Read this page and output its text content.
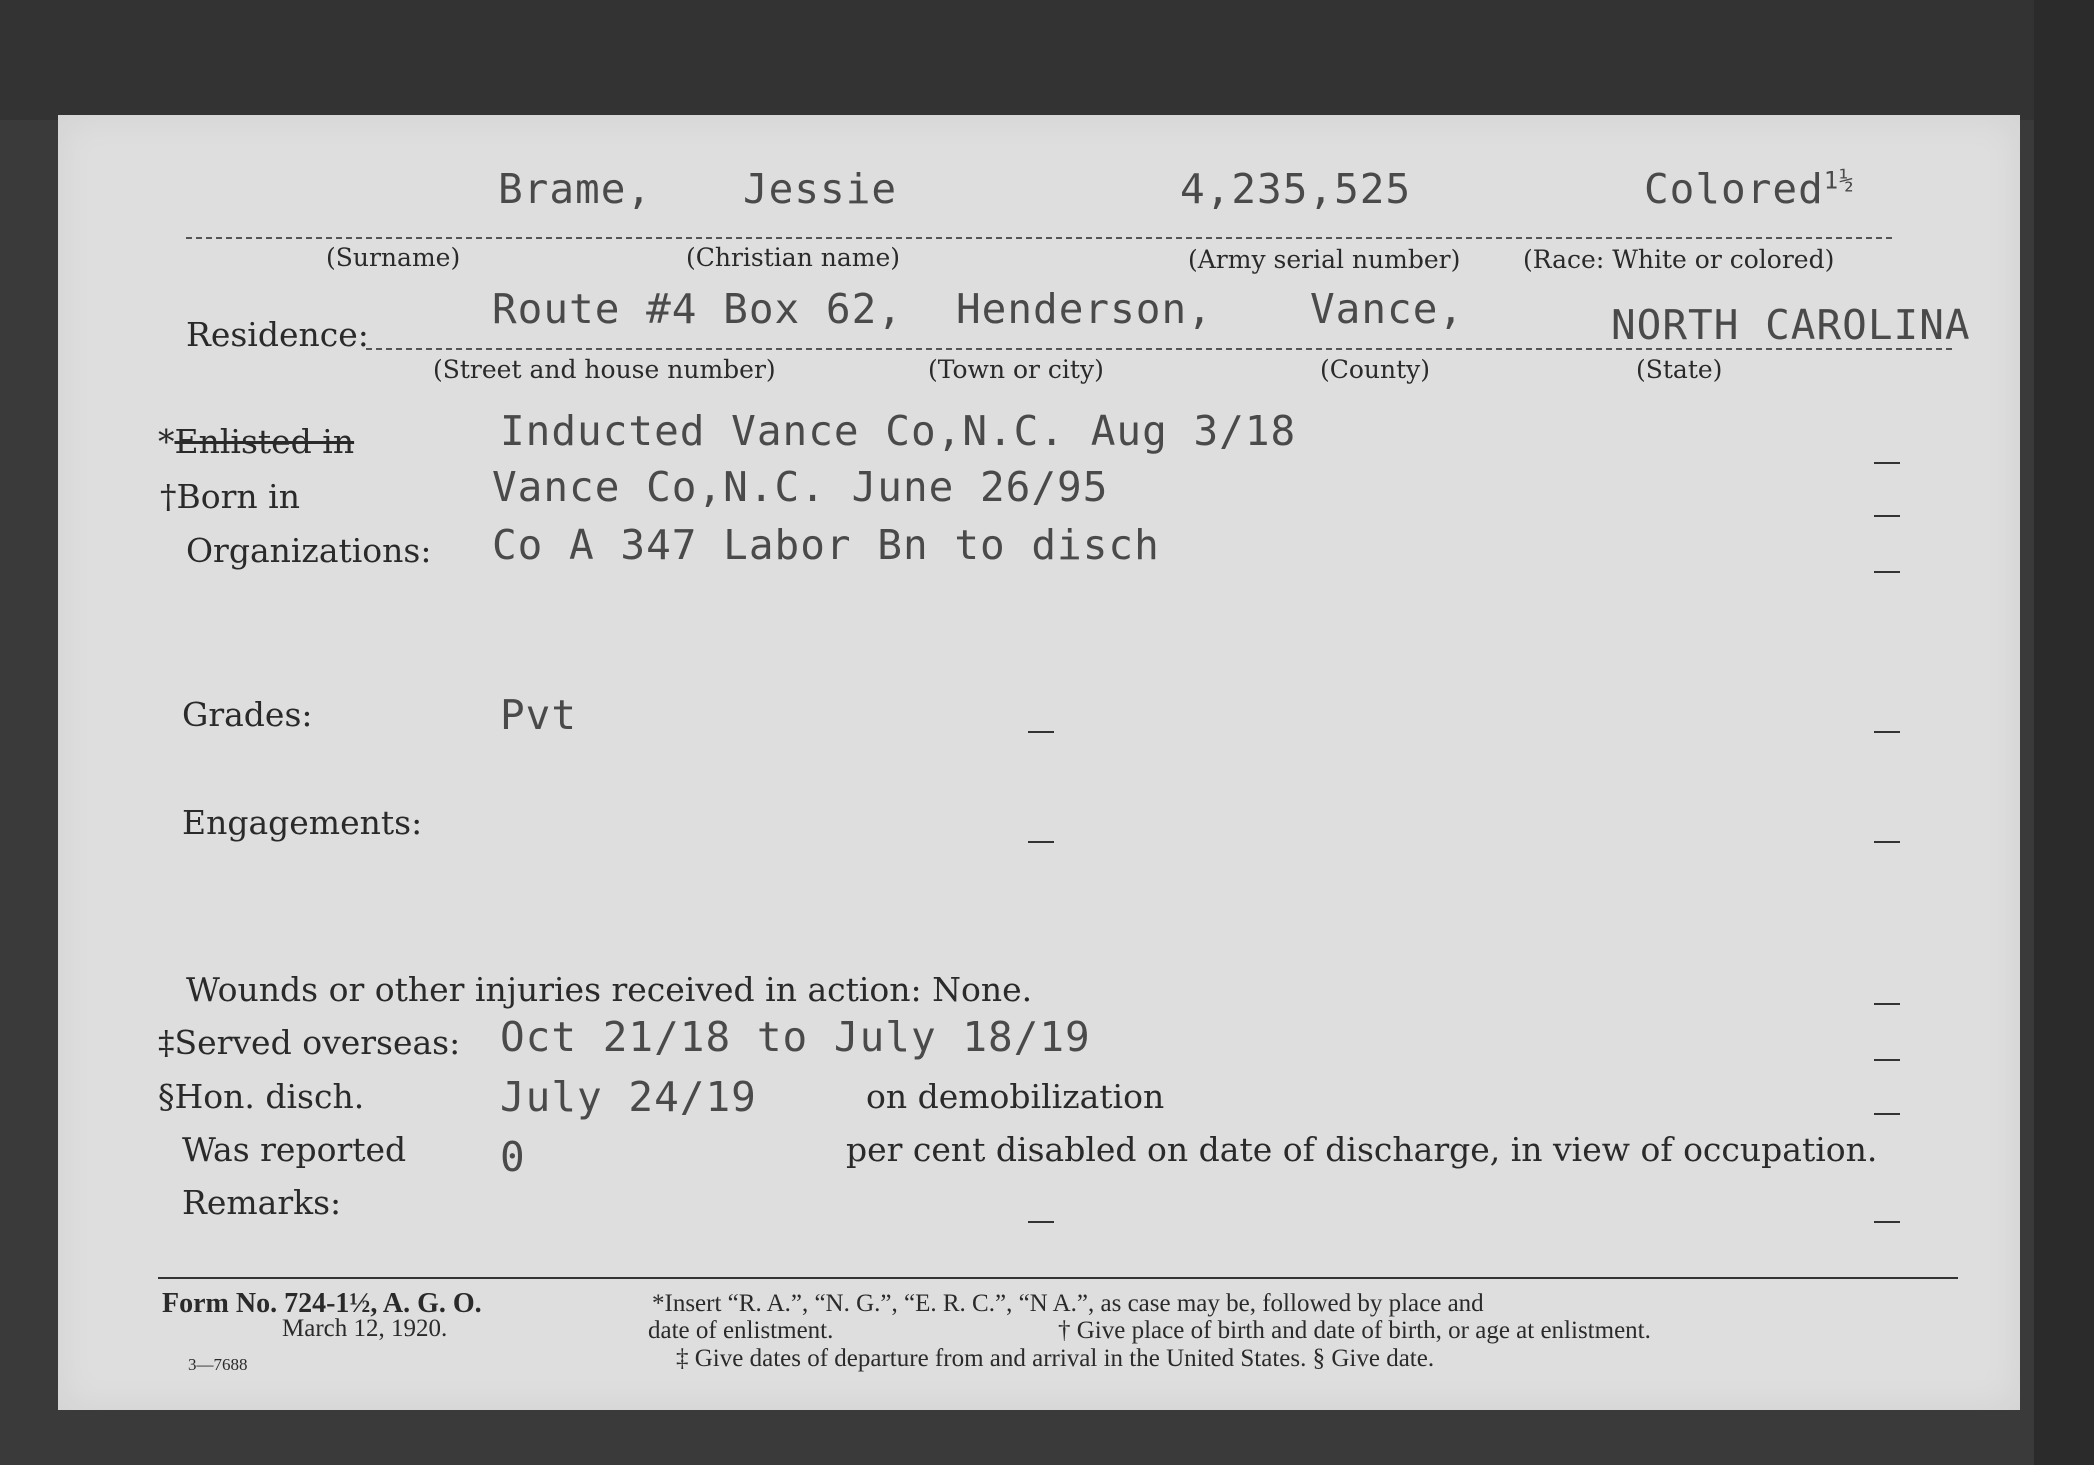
Brame, Jessie	4,235,525	Colored$^{1\frac{1}{2}}$
(Surname)	(Christian name)	(Army serial number)	(Race: White or colored)
Residence:
Route #4 Box 62, Henderson, Vance,	NORTH CAROLINA
(Street and house number)	(Town or city)	(County)	(State)
*Enlisted in	Inducted Vance Co,N.C. Aug 3/18
†Born in	Vance Co,N.C. June 26/95
Organizations: Co A 347 Labor Bn to disch
Grades:	Pvt
Engagements:
Wounds or other injuries received in action: None.
‡Served overseas: Oct 21/18 to July 18/19
§Hon. disch.	July 24/19	on demobilization
Was reported 0	per cent disabled on date of discharge, in view of occupation.
Remarks:
Form No. 724-1½, A. G. O.
March 12, 1920.
3—7688
*Insert “R. A.”, “N. G.”, “E. R. C.”, “N A.”, as case may be, followed by place and
date of enlistment.	† Give place of birth and date of birth, or age at enlistment.
‡ Give dates of departure from and arrival in the United States. § Give date.
